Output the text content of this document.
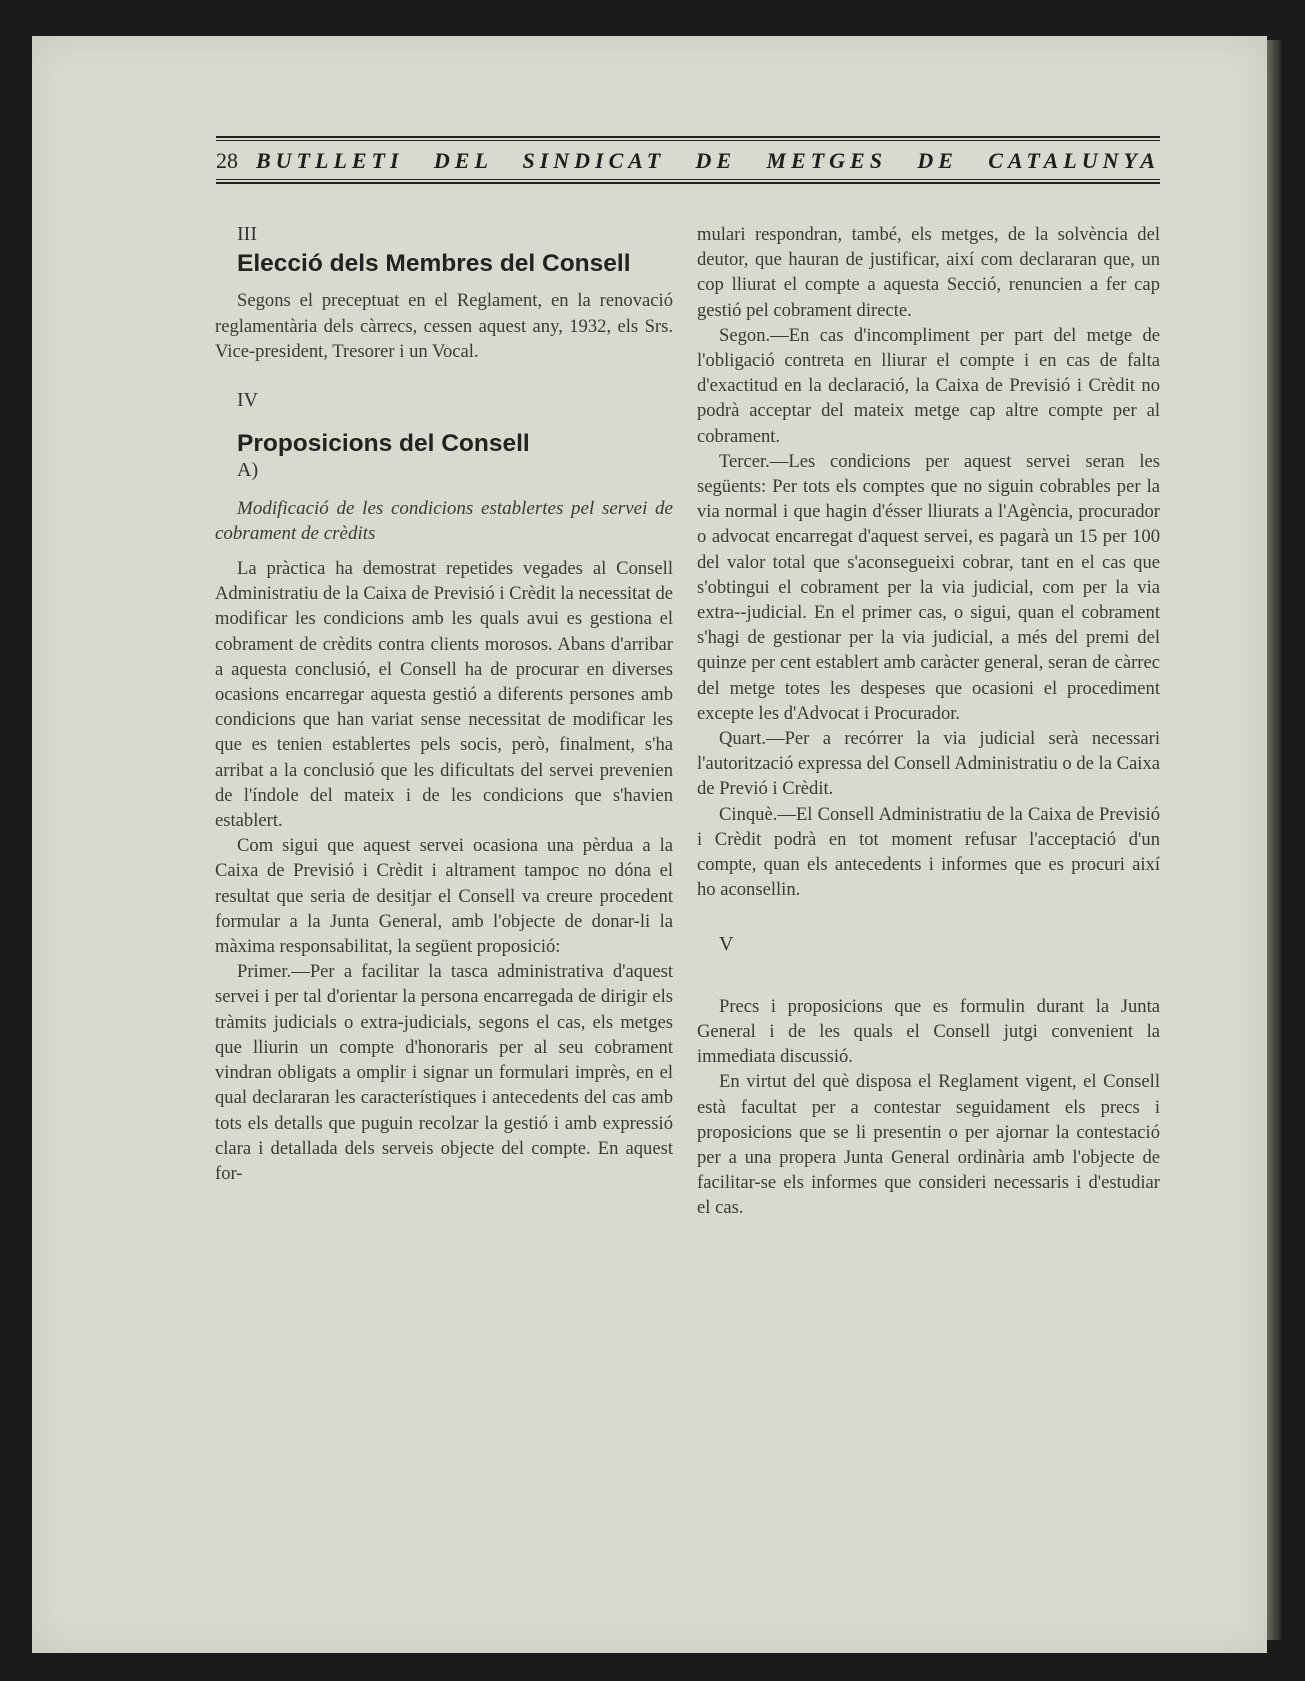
28 BUTLLETI DEL SINDICAT DE METGES DE CATALUNYA

III

Elecció dels Membres del Consell

Segons el preceptuat en el Reglament, en la renovació reglamentària dels càrrecs, cessen aquest any, 1932, els Srs. Vice-president, Tresorer i un Vocal.

IV

Proposicions del Consell

A)

Modificació de les condicions establertes pel servei de cobrament de crèdits

La pràctica ha demostrat repetides vegades al Consell Administratiu de la Caixa de Previsió i Crèdit la necessitat de modificar les condicions amb les quals avui es gestiona el cobrament de crèdits contra clients morosos. Abans d'arribar a aquesta conclusió, el Consell ha de procurar en diverses ocasions encarregar aquesta gestió a diferents persones amb condicions que han variat sense necessitat de modificar les que es tenien establertes pels socis, però, finalment, s'ha arribat a la conclusió que les dificultats del servei prevenien de l'índole del mateix i de les condicions que s'havien establert.

Com sigui que aquest servei ocasiona una pèrdua a la Caixa de Previsió i Crèdit i altrament tampoc no dóna el resultat que seria de desitjar el Consell va creure procedent formular a la Junta General, amb l'objecte de donar-li la màxima responsabilitat, la següent proposició:

Primer.—Per a facilitar la tasca administrativa d'aquest servei i per tal d'orientar la persona encarregada de dirigir els tràmits judicials o extra-judicials, segons el cas, els metges que lliurin un compte d'honoraris per al seu cobrament vindran obligats a omplir i signar un formulari imprès, en el qual declararan les característiques i antecedents del cas amb tots els detalls que puguin recolzar la gestió i amb expressió clara i detallada dels serveis objecte del compte. En aquest for-

mulari respondran, també, els metges, de la solvència del deutor, que hauran de justificar, així com declararan que, un cop lliurat el compte a aquesta Secció, renuncien a fer cap gestió pel cobrament directe.

Segon.—En cas d'incompliment per part del metge de l'obligació contreta en lliurar el compte i en cas de falta d'exactitud en la declaració, la Caixa de Previsió i Crèdit no podrà acceptar del mateix metge cap altre compte per al cobrament.

Tercer.—Les condicions per aquest servei seran les següents: Per tots els comptes que no siguin cobrables per la via normal i que hagin d'ésser lliurats a l'Agència, procurador o advocat encarregat d'aquest servei, es pagarà un 15 per 100 del valor total que s'aconsegueixi cobrar, tant en el cas que s'obtingui el cobrament per la via judicial, com per la via extra--judicial. En el primer cas, o sigui, quan el cobrament s'hagi de gestionar per la via judicial, a més del premi del quinze per cent establert amb caràcter general, seran de càrrec del metge totes les despeses que ocasioni el procediment excepte les d'Advocat i Procurador.

Quart.—Per a recórrer la via judicial serà necessari l'autorització expressa del Consell Administratiu o de la Caixa de Previó i Crèdit.

Cinquè.—El Consell Administratiu de la Caixa de Previsió i Crèdit podrà en tot moment refusar l'acceptació d'un compte, quan els antecedents i informes que es procuri així ho aconsellin.

V

Precs i proposicions que es formulin durant la Junta General i de les quals el Consell jutgi convenient la immediata discussió.

En virtut del què disposa el Reglament vigent, el Consell està facultat per a contestar seguidament els precs i proposicions que se li presentin o per ajornar la contestació per a una propera Junta General ordinària amb l'objecte de facilitar-se els informes que consideri necessaris i d'estudiar el cas.
